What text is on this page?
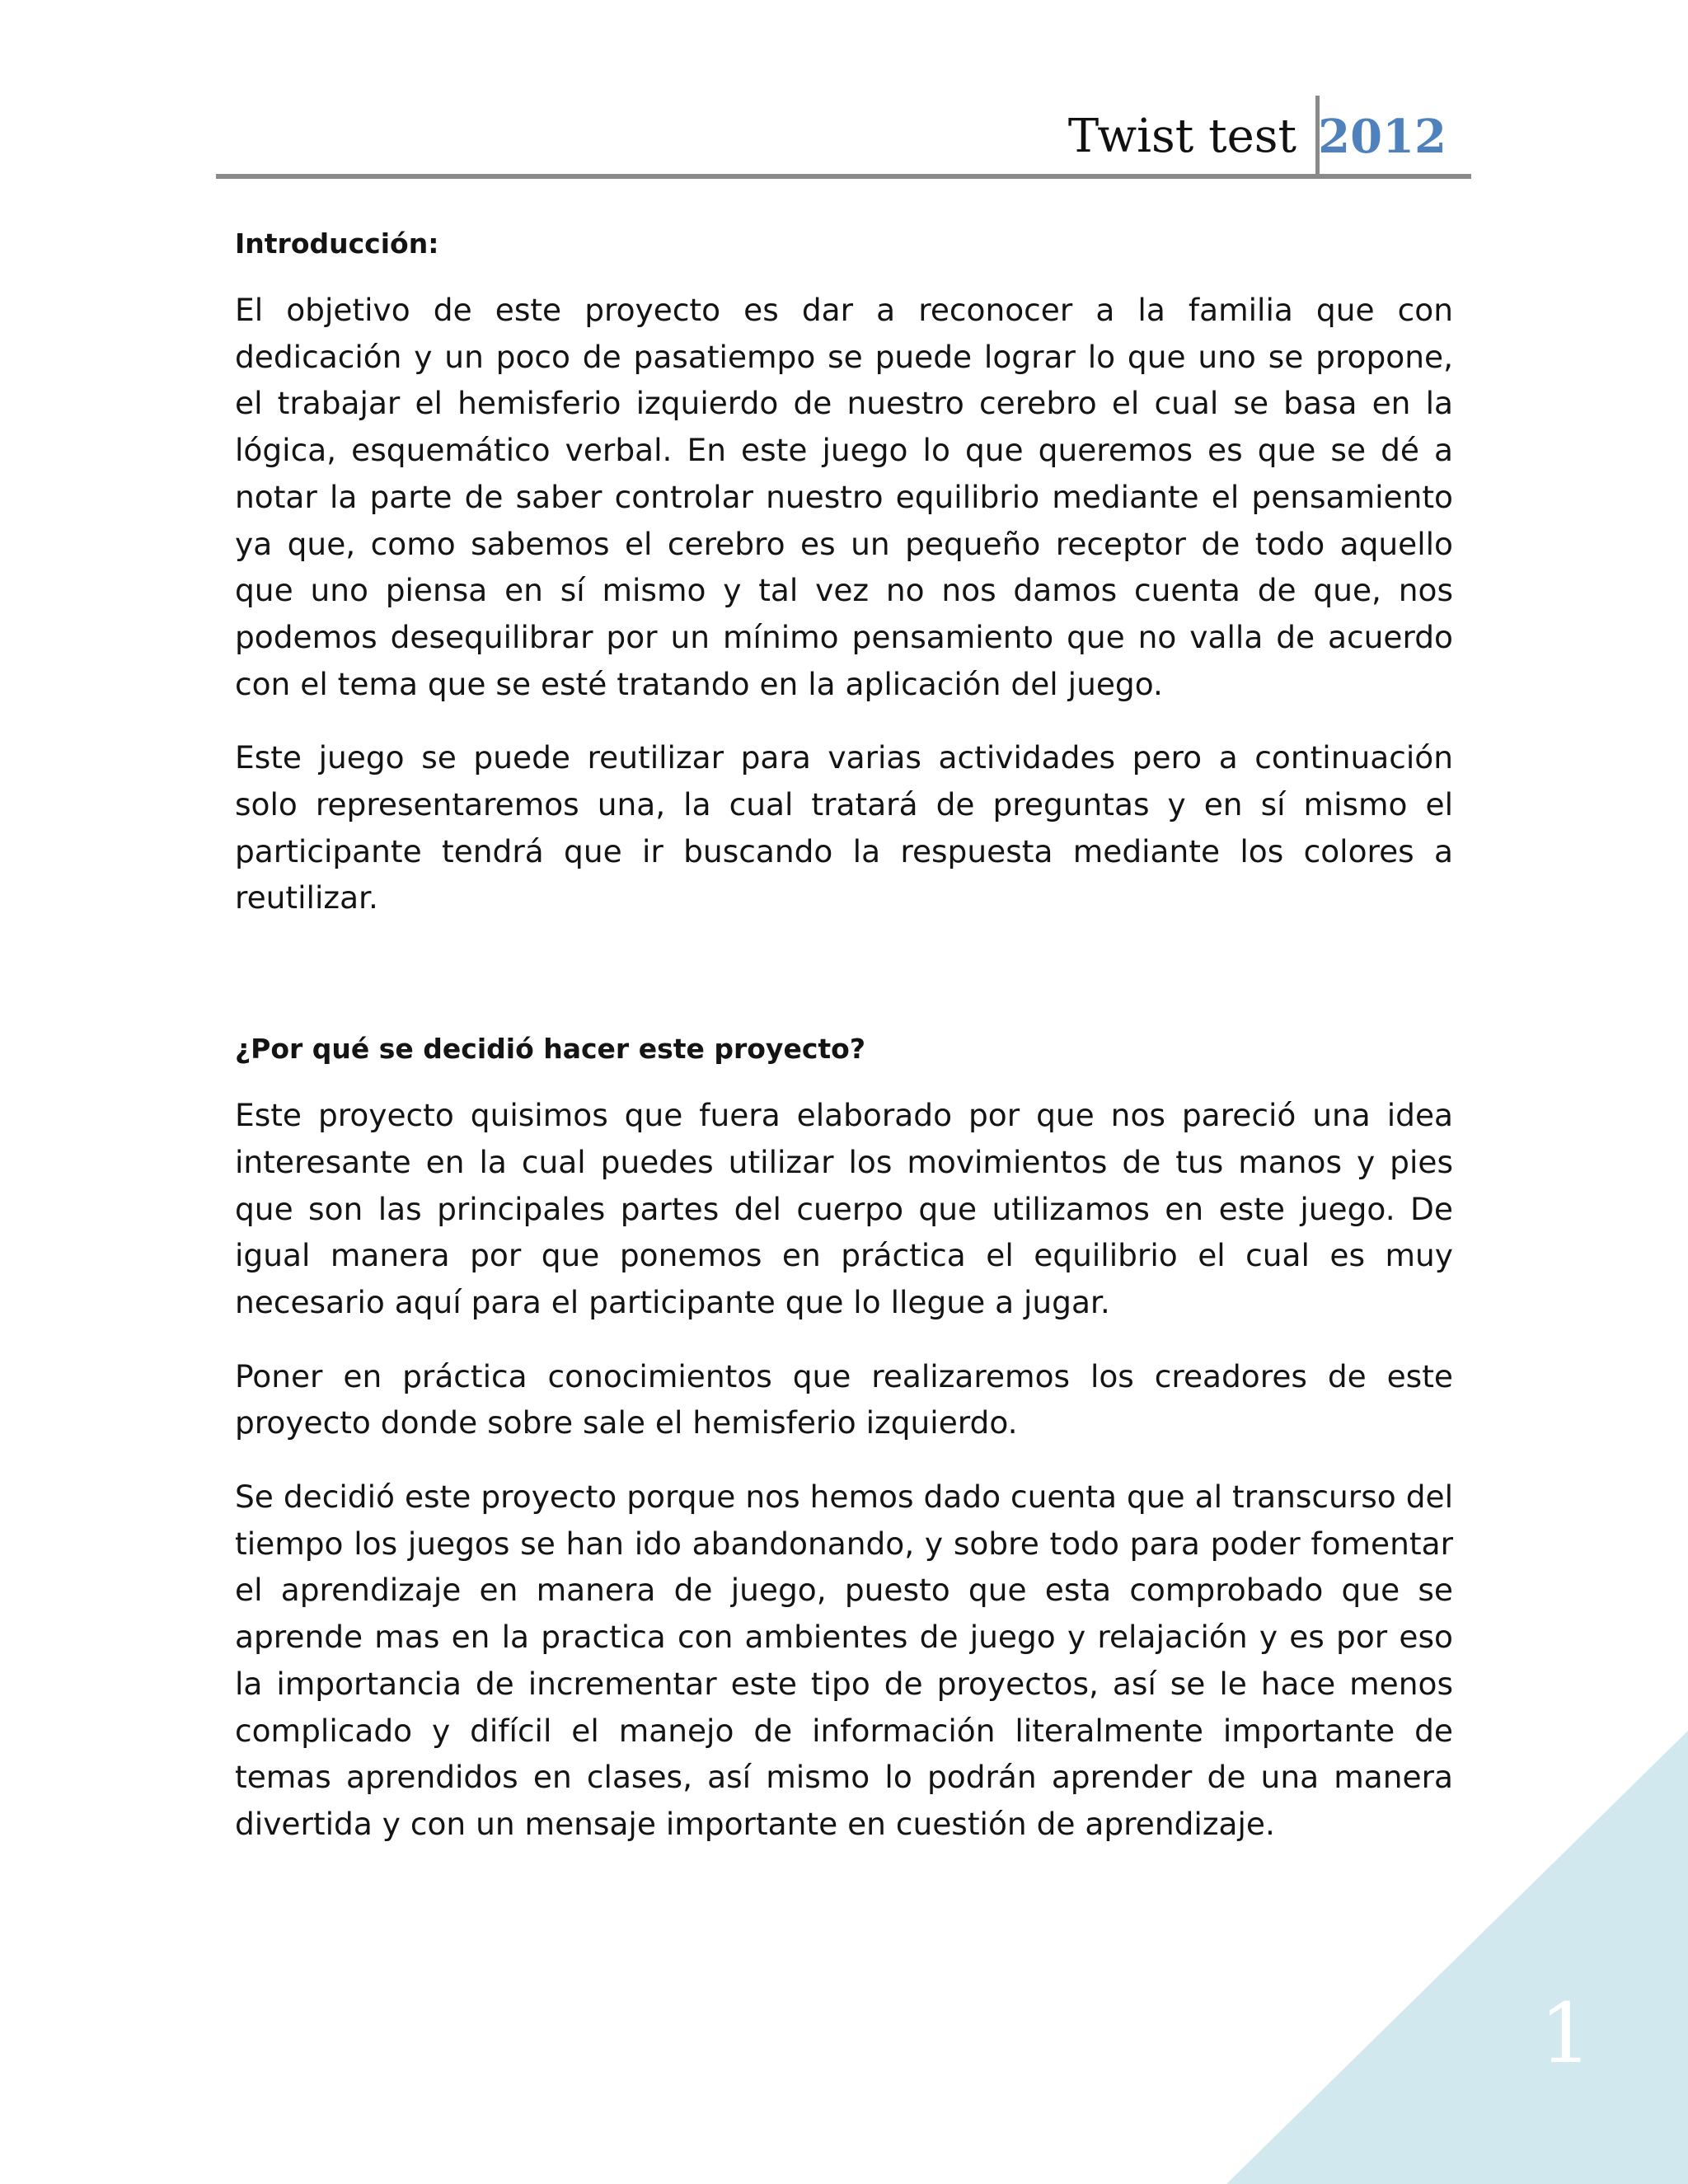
Twist test 2012
Introducción:

El objetivo de este proyecto es dar a reconocer a la familia que con dedicación y un poco de pasatiempo se puede lograr lo que uno se propone, el trabajar el hemisferio izquierdo de nuestro cerebro el cual se basa en la lógica, esquemático verbal. En este juego lo que queremos es que se dé a notar la parte de saber controlar nuestro equilibrio mediante el pensamiento ya que, como sabemos el cerebro es un pequeño receptor de todo aquello que uno piensa en sí mismo y tal vez no nos damos cuenta de que, nos podemos desequilibrar por un mínimo pensamiento que no valla de acuerdo con el tema que se esté tratando en la aplicación del juego.

Este juego se puede reutilizar para varias actividades pero a continuación solo representaremos una, la cual tratará de preguntas y en sí mismo el participante tendrá que ir buscando la respuesta mediante los colores a reutilizar.

¿Por qué se decidió hacer este proyecto?

Este proyecto quisimos que fuera elaborado por que nos pareció una idea interesante en la cual puedes utilizar los movimientos de tus manos y pies que son las principales partes del cuerpo que utilizamos en este juego. De igual manera por que ponemos en práctica el equilibrio el cual es muy necesario aquí para el participante que lo llegue a jugar.

Poner en práctica conocimientos que realizaremos los creadores de este proyecto donde sobre sale el hemisferio izquierdo.

Se decidió este proyecto porque nos hemos dado cuenta que al transcurso del tiempo los juegos se han ido abandonando, y sobre todo para poder fomentar el aprendizaje en manera de juego, puesto que esta comprobado que se aprende mas en la practica con ambientes de juego y relajación y es por eso la importancia de incrementar este tipo de proyectos, así se le hace menos complicado y difícil el manejo de información literalmente importante de temas aprendidos en clases, así mismo lo podrán aprender de una manera divertida y con un mensaje importante en cuestión de aprendizaje.

1
